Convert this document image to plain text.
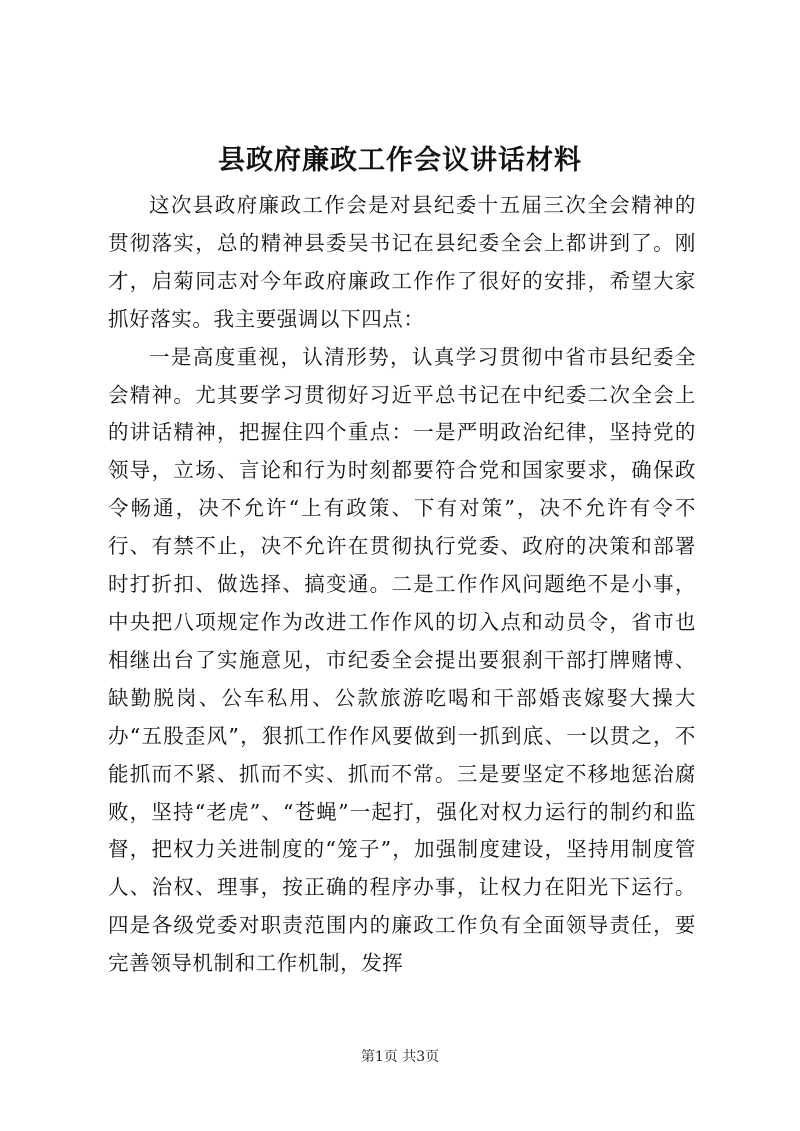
县政府廉政工作会议讲话材料

这次县政府廉政工作会是对县纪委十五届三次全会精神的贯彻落实，总的精神县委吴书记在县纪委全会上都讲到了。刚才，启菊同志对今年政府廉政工作作了很好的安排，希望大家抓好落实。我主要强调以下四点：

一是高度重视，认清形势，认真学习贯彻中省市县纪委全会精神。尤其要学习贯彻好习近平总书记在中纪委二次全会上的讲话精神，把握住四个重点：一是严明政治纪律，坚持党的领导，立场、言论和行为时刻都要符合党和国家要求，确保政令畅通，决不允许“上有政策、下有对策”，决不允许有令不行、有禁不止，决不允许在贯彻执行党委、政府的决策和部署时打折扣、做选择、搞变通。二是工作作风问题绝不是小事，中央把八项规定作为改进工作作风的切入点和动员令，省市也相继出台了实施意见，市纪委全会提出要狠刹干部打牌赌博、缺勤脱岗、公车私用、公款旅游吃喝和干部婚丧嫁娶大操大办“五股歪风”，狠抓工作作风要做到一抓到底、一以贯之，不能抓而不紧、抓而不实、抓而不常。三是要坚定不移地惩治腐败，坚持“老虎”、“苍蝇”一起打，强化对权力运行的制约和监督，把权力关进制度的“笼子”，加强制度建设，坚持用制度管人、治权、理事，按正确的程序办事，让权力在阳光下运行。四是各级党委对职责范围内的廉政工作负有全面领导责任，要完善领导机制和工作机制，发挥

第1页 共3页
